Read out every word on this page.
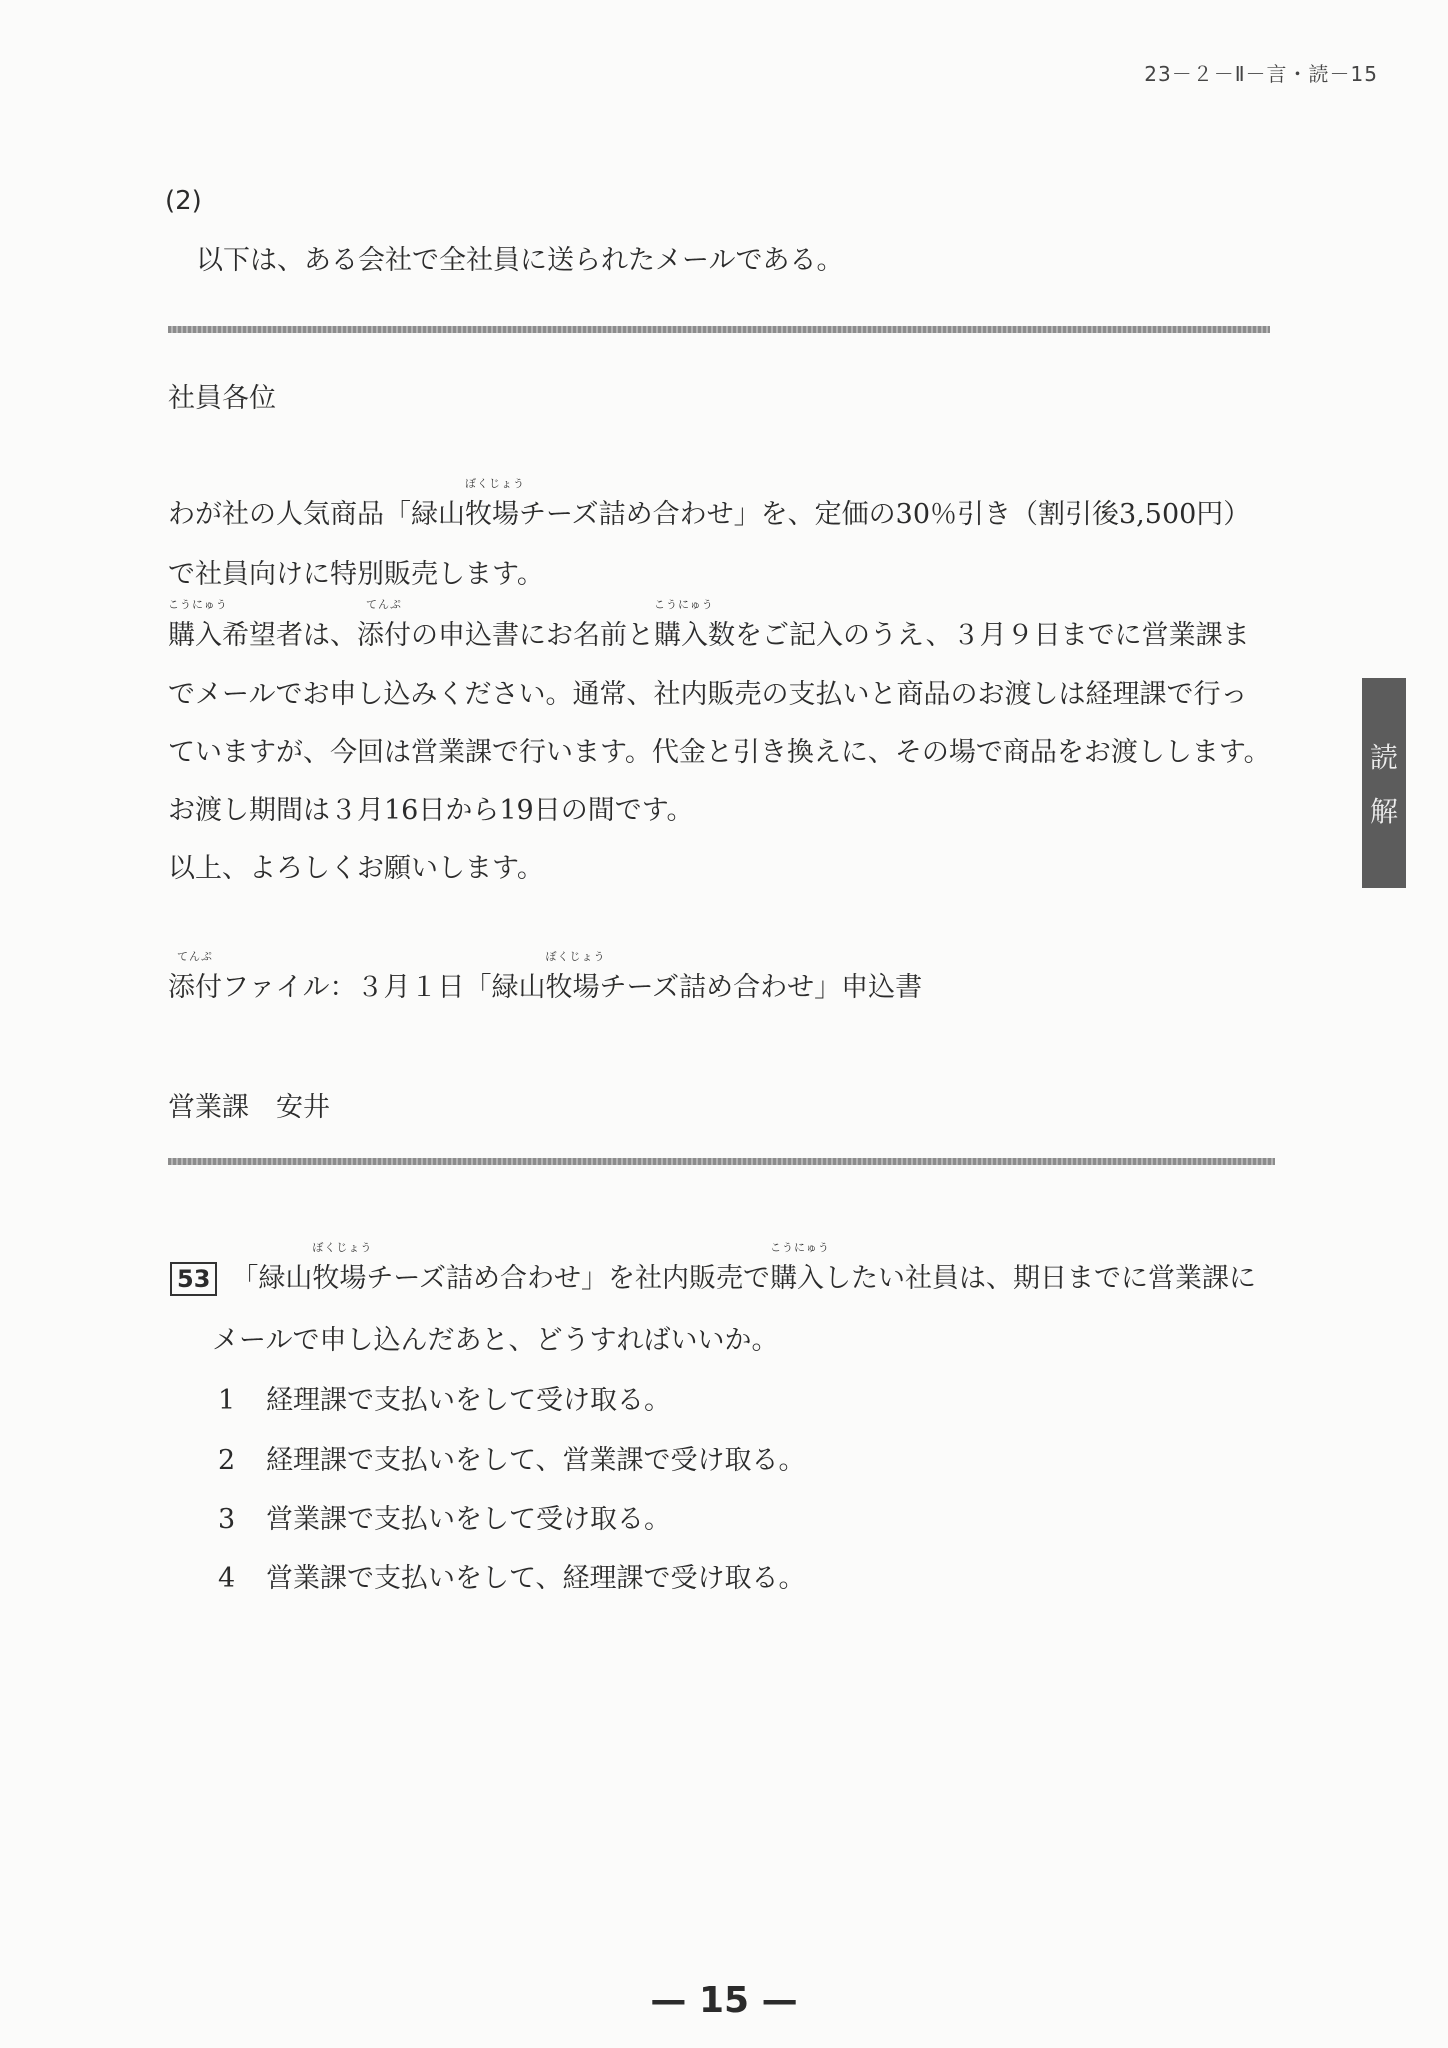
23－２－Ⅱ－言・読－15
(2)
以下は、ある会社で全社員に送られたメールである。
社員各位
わが社の人気商品「緑山
ぼくじょう
牧場チーズ詰め合わせ」を、定価の30％引き（割引後3,500円）
で社員向けに特別販売します。
こうにゅう
購入希望者は、
てんぷ
添付の申込書にお名前と
こうにゅう
購入数をご記入のうえ、３月９日までに営業課ま
でメールでお申し込みください。通常、社内販売の支払いと商品のお渡しは経理課で行っ
ていますが、今回は営業課で行います。代金と引き換えに、その場で商品をお渡しします。
お渡し期間は３月16日から19日の間です。
以上、よろしくお願いします。
てんぷ
添付ファイル：３月１日「緑山
ぼくじょう
牧場チーズ詰め合わせ」申込書
営業課　安井
読
解
53 「緑山
ぼくじょう
牧場チーズ詰め合わせ」を社内販売で
こうにゅう
購入したい社員は、期日までに営業課に
メールで申し込んだあと、どうすればいいか。
1 経理課で支払いをして受け取る。
2 経理課で支払いをして、営業課で受け取る。
3 営業課で支払いをして受け取る。
4 営業課で支払いをして、経理課で受け取る。
— 15 —
